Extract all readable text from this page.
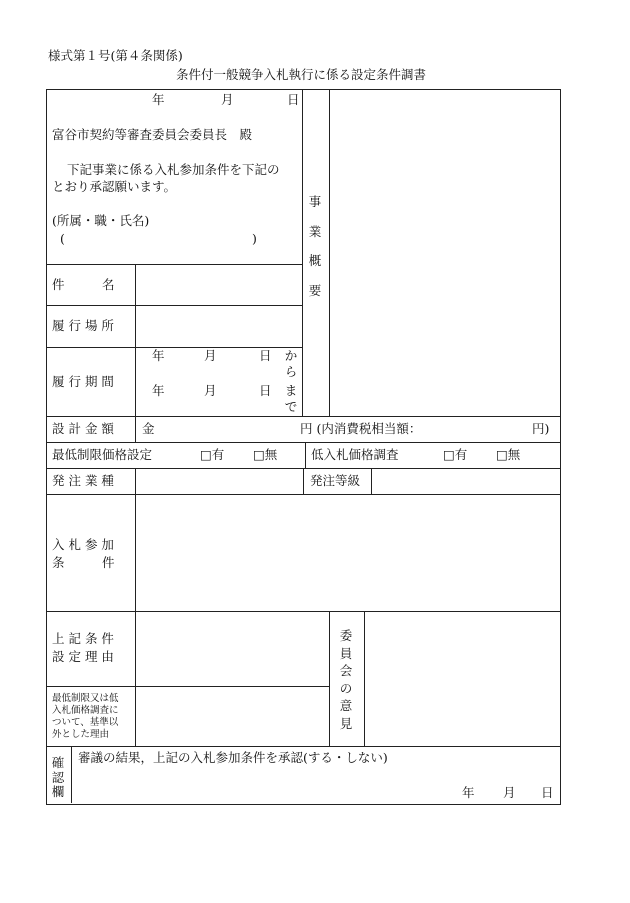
様式第１号(第４条関係)
条件付一般競争入札執行に係る設定条件調書
年	月	日
富谷市契約等審査委員会委員長　殿
下記事業に係る入札参加条件を下記の
とおり承認願います。
(所属・職・氏名)
(	)
事
業
概
要
件　　　名
履 行 場 所
履 行 期 間
年	月	日 か
ら
年	月	日 ま
で
設 計 金 額 金	円 (内消費税相当額：	円)
最低制限価格設定	□有 □無	低入札価格調査	□有 □無
発 注 業 種	発注等級
入 札 参 加
条　　　件
上 記 条 件
設 定 理 由
最低制限又は低
入札価格調査に
ついて、基準以
外とした理由
委
員
会
の
意
見
確
認
欄
審議の結果，上記の入札参加条件を承認(する・しない)
年 月 日
